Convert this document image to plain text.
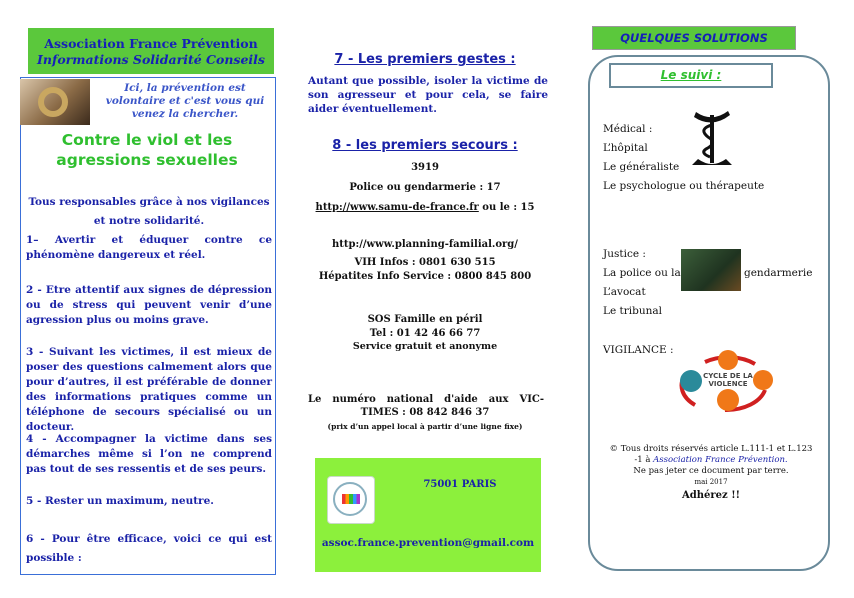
Association France Prévention
Informations Solidarité Conseils
Ici, la prévention est volontaire et c'est vous qui venez la chercher.
Contre le viol et les agressions sexuelles
Tous responsables grâce à nos vigilances et notre solidarité.
1– Avertir et éduquer contre ce phénomène dangereux et réel.
2 - Etre attentif aux signes de dépression ou de stress qui peuvent venir d’une agression plus ou moins grave.
3 - Suivant les victimes, il est mieux de poser des questions calmement alors que pour d’autres, il est préférable de donner des informations pratiques comme un téléphone de secours spécialisé ou un docteur.
4 - Accompagner la victime dans ses démarches même si l’on ne comprend pas tout de ses ressentis et de ses peurs.
5 - Rester un maximum, neutre.
6 - Pour être efficace, voici ce qui est possible :
7 - Les premiers gestes :
Autant que possible, isoler la victime de son agresseur et pour cela, se faire aider éventuellement.
8 - les premiers secours :
3919
Police ou gendarmerie : 17
http://www.samu-de-france.fr ou le : 15
http://www.planning-familial.org/
VIH Infos : 0801 630 515
Hépatites Info Service : 0800 845 800
SOS Famille en péril
Tel : 01 42 46 66 77
Service gratuit et anonyme
Le numéro national d'aide aux VIC-
TIMES : 08 842 846 37
(prix d’un appel local à partir d’une ligne fixe)
75001 PARIS
assoc.france.prevention@gmail.com
QUELQUES SOLUTIONS
Le suivi :
Médical :
L’hôpital
Le généraliste
Le psychologue ou thérapeute
Justice :
La police ou la	gendarmerie
L’avocat
Le tribunal
VIGILANCE :
CYCLE DE LA VIOLENCE
© Tous droits réservés article L.111-1 et L.123
-1 à Association France Prévention.
Ne pas jeter ce document par terre.
mai 2017
Adhérez !!
